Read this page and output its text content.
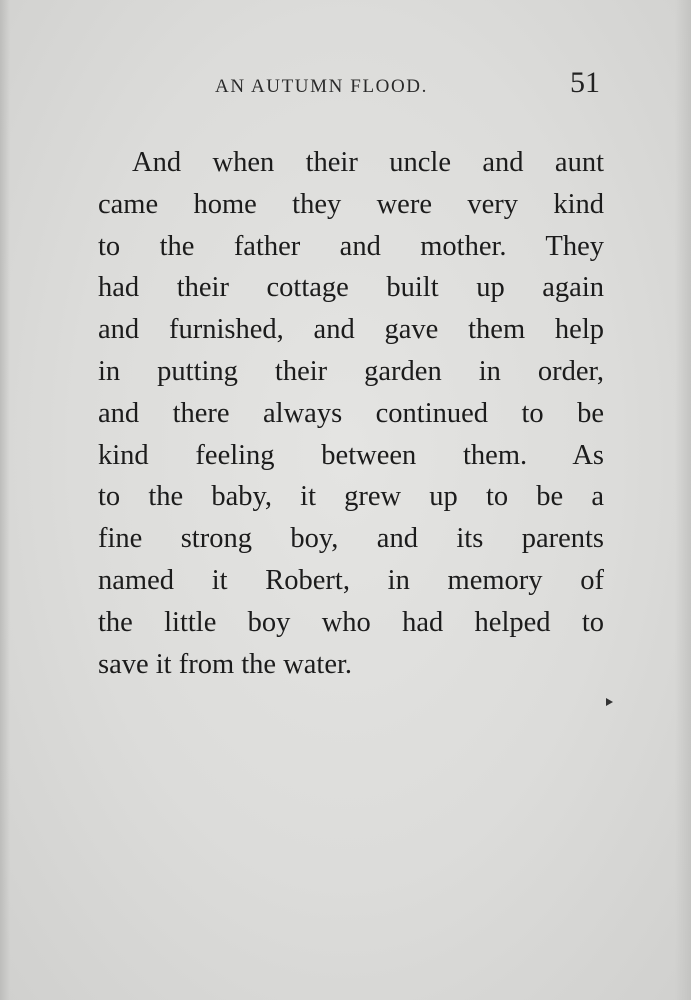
AN AUTUMN FLOOD.	51
And when their uncle and aunt
came home they were very kind
to the father and mother. They
had their cottage built up again
and furnished, and gave them help
in putting their garden in order,
and there always continued to be
kind feeling between them. As
to the baby, it grew up to be a
fine strong boy, and its parents
named it Robert, in memory of
the little boy who had helped to
save it from the water.
